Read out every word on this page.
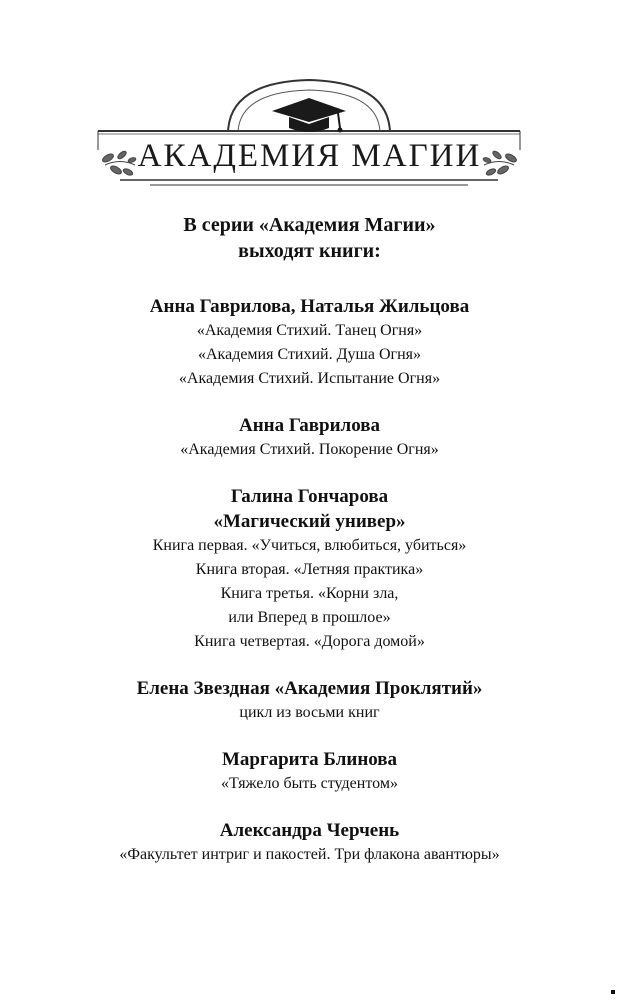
АКАДЕМИЯ МАГИИ
В серии «Академия Магии»
выходят книги:
Анна Гаврилова, Наталья Жильцова
«Академия Стихий. Танец Огня»
«Академия Стихий. Душа Огня»
«Академия Стихий. Испытание Огня»
Анна Гаврилова
«Академия Стихий. Покорение Огня»
Галина Гончарова
«Магический универ»
Книга первая. «Учиться, влюбиться, убиться»
Книга вторая. «Летняя практика»
Книга третья. «Корни зла,
или Вперед в прошлое»
Книга четвертая. «Дорога домой»
Елена Звездная «Академия Проклятий»
цикл из восьми книг
Маргарита Блинова
«Тяжело быть студентом»
Александра Черчень
«Факультет интриг и пакостей. Три флакона авантюры»
